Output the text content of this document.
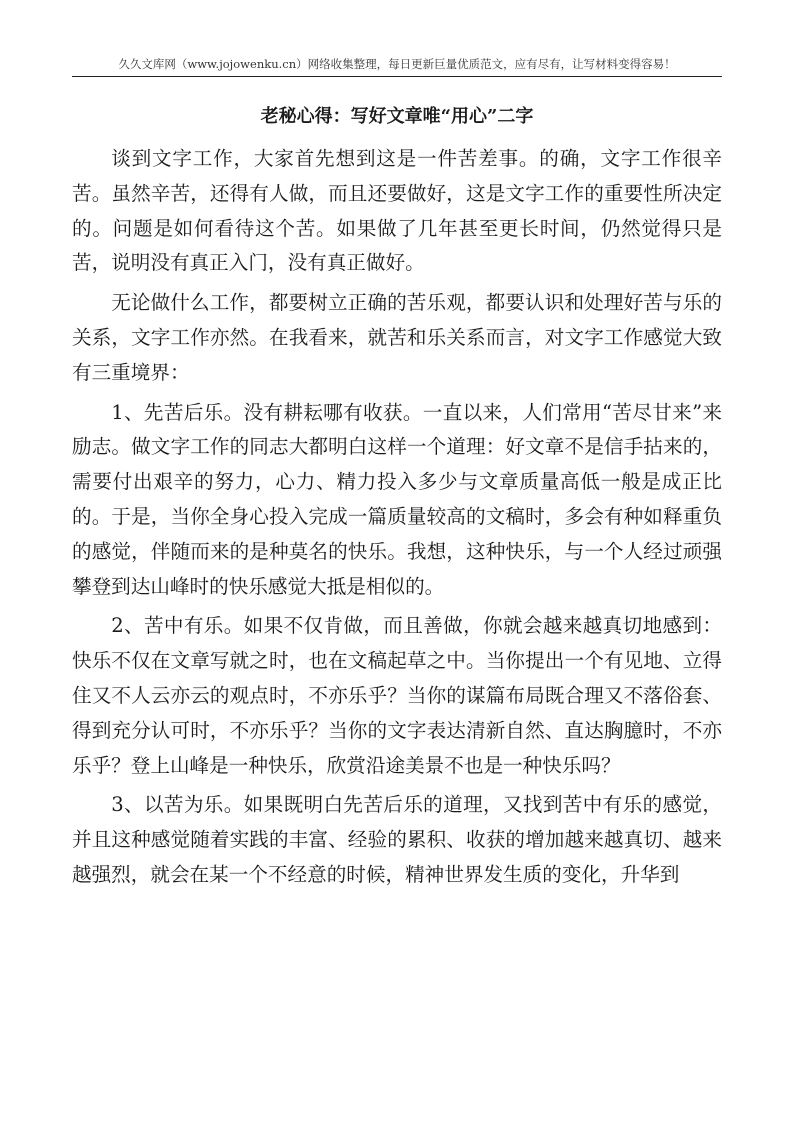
久久文库网（www.jojowenku.cn）网络收集整理，每日更新巨量优质范文，应有尽有，让写材料变得容易！
老秘心得：写好文章唯“用心”二字

谈到文字工作，大家首先想到这是一件苦差事。的确，文字工作很辛苦。虽然辛苦，还得有人做，而且还要做好，这是文字工作的重要性所决定的。问题是如何看待这个苦。如果做了几年甚至更长时间，仍然觉得只是苦，说明没有真正入门，没有真正做好。

无论做什么工作，都要树立正确的苦乐观，都要认识和处理好苦与乐的关系，文字工作亦然。在我看来，就苦和乐关系而言，对文字工作感觉大致有三重境界：

1、先苦后乐。没有耕耘哪有收获。一直以来，人们常用“苦尽甘来”来励志。做文字工作的同志大都明白这样一个道理：好文章不是信手拈来的，需要付出艰辛的努力，心力、精力投入多少与文章质量高低一般是成正比的。于是，当你全身心投入完成一篇质量较高的文稿时，多会有种如释重负的感觉，伴随而来的是种莫名的快乐。我想，这种快乐，与一个人经过顽强攀登到达山峰时的快乐感觉大抵是相似的。

2、苦中有乐。如果不仅肯做，而且善做，你就会越来越真切地感到：快乐不仅在文章写就之时，也在文稿起草之中。当你提出一个有见地、立得住又不人云亦云的观点时，不亦乐乎？当你的谋篇布局既合理又不落俗套、得到充分认可时，不亦乐乎？当你的文字表达清新自然、直达胸臆时，不亦乐乎？登上山峰是一种快乐，欣赏沿途美景不也是一种快乐吗？

3、以苦为乐。如果既明白先苦后乐的道理，又找到苦中有乐的感觉，并且这种感觉随着实践的丰富、经验的累积、收获的增加越来越真切、越来越强烈，就会在某一个不经意的时候，精神世界发生质的变化，升华到
